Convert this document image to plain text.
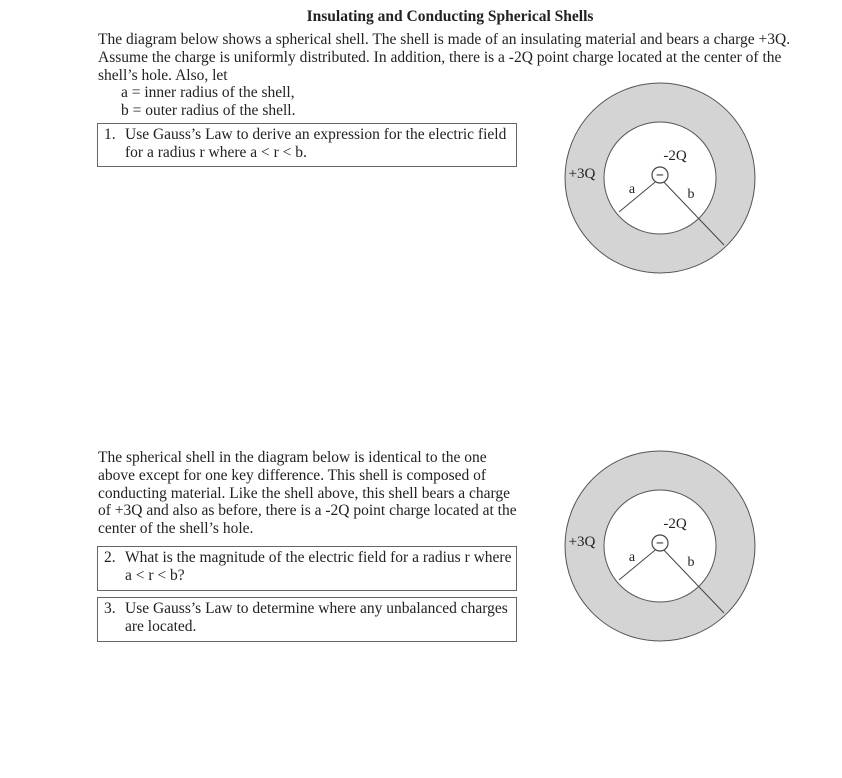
Insulating and Conducting Spherical Shells
The diagram below shows a spherical shell. The shell is made of an insulating material and bears a charge +3Q. Assume the charge is uniformly distributed. In addition, there is a -2Q point charge located at the center of the shell’s hole. Also, let
a = inner radius of the shell,
b = outer radius of the shell.
1. Use Gauss’s Law to derive an expression for the electric field for a radius r where a < r < b.
−
-2Q
+3Q
a	b
The spherical shell in the diagram below is identical to the one above except for one key difference. This shell is composed of conducting material. Like the shell above, this shell bears a charge of +3Q and also as before, there is a -2Q point charge located at the center of the shell’s hole.
2. What is the magnitude of the electric field for a radius r where a < r < b?
3. Use Gauss’s Law to determine where any unbalanced charges are located.
−
-2Q
+3Q
a	b
